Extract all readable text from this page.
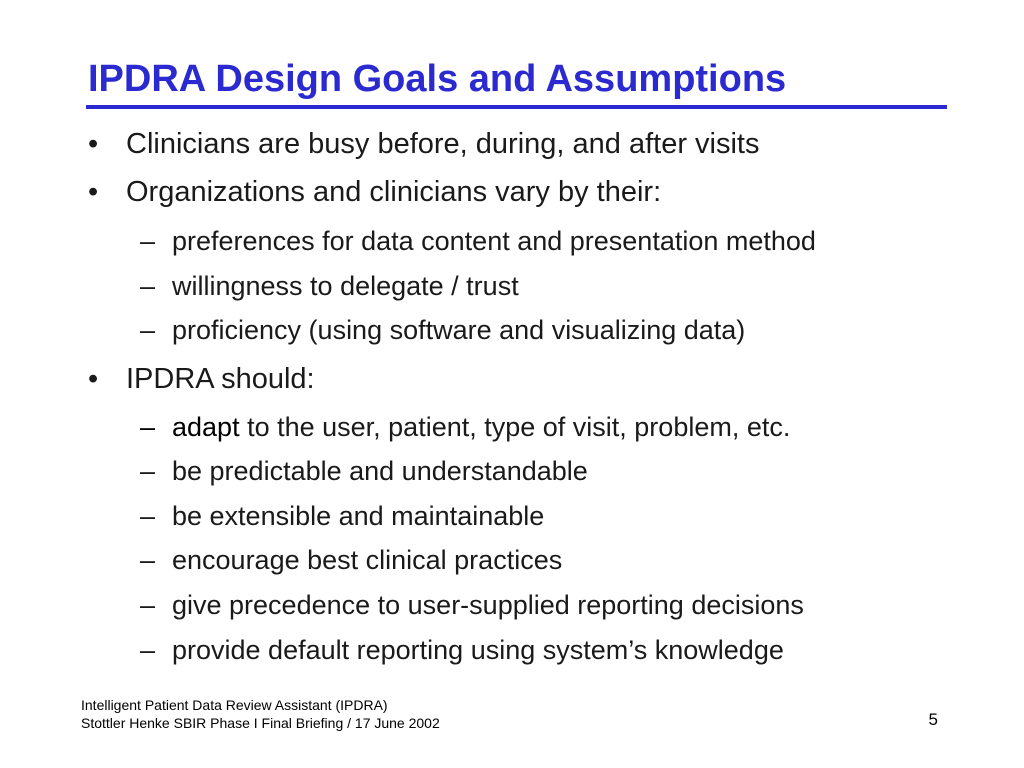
IPDRA Design Goals and Assumptions
• Clinicians are busy before, during, and after visits
• Organizations and clinicians vary by their:
– preferences for data content and presentation method
– willingness to delegate / trust
– proficiency (using software and visualizing data)
• IPDRA should:
– adapt to the user, patient, type of visit, problem, etc.
– be predictable and understandable
– be extensible and maintainable
– encourage best clinical practices
– give precedence to user-supplied reporting decisions
– provide default reporting using system’s knowledge
Intelligent Patient Data Review Assistant (IPDRA)
Stottler Henke SBIR Phase I Final Briefing / 17 June 2002	5
